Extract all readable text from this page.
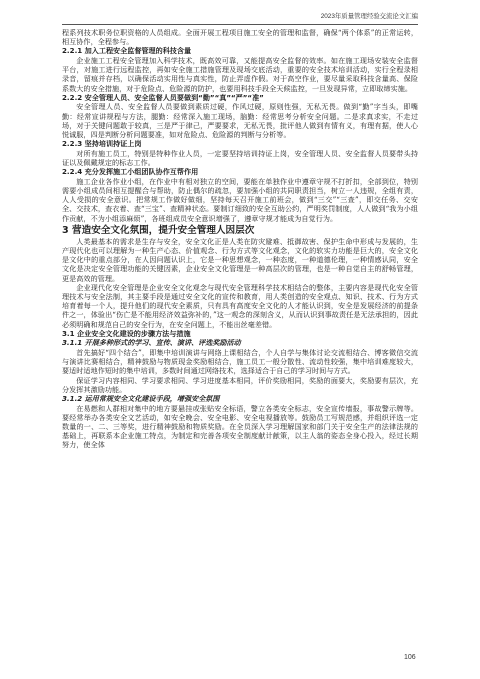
2023年质量管理经验交流论文汇编

程系列技术职务位职资格的人员组成。全面开展工程项目施工安全的管理和监督，确保“两个体系”的正常运转，相互协作，全程参与。

2.2.1 加入工程安全监督管理的科技含量

企业施工工程安全管理加入科学技术，既高效可靠，又能提高安全监督的效率。如在施工现场安装安全监督平台，对施工进行远程监控，再如安全施工措施管理及现场交底活动，重要的安全技术培训活动，实行全程录相录音，留痕并存档，以确保活动实用性与真实性，防止弄虚作假。对于高空作业，要尽量采取科技含量高、保险系数大的安全措施，对于危险点、危险源的防护，也要用科技手段全天候监控，一旦发现异常，立即取缔实施。

2.2.2 安全管理人员、安全监督人员要做到“勤”“真”“严”“准”

安全管理人员、安全监督人员要做到素质过硬，作风过硬，原则性强，无私无畏。做到“勤”字当头，即嘴勤：经常宣讲规程与方法，腿勤：经常深入施工现场，脑勤：经常思考分析安全问题。二是求真求实，不走过场，对于关键问题敢于较真，三是严于律己，严要要求，无私无畏，批评他人做到有情有义，有理有据，使人心悦诚服，四是判断分析问题要准，如对危险点、危险源的判断与分析等。

2.2.3 坚持培训持证上岗

对所有施工员工，特别是特种作业人员，一定要坚持培训持证上岗，安全管理人员、安全监督人员要带头持证以及佩戴规定的标志工作。

2.2.4 充分发挥施工小组团队协作互帮作用

施工企业各作业小组，在作业中有相对独立的空间，要能在单独作业中遵章守规不打折扣，全部到位，特别需要小组成员间相互提醒合与帮助，防止偶尔的疏忽，要加强小组的共同职责担当，树立一人违规，全组有责，人人受损的安全意识。把常规工作做好做细，坚持每天召开施工前班会，做到“三交”“三查”，即交任务、交安全、交技术，查衣着、查“三宝”、查精神状态。要制订细致的安全互助公约，严明奖罚制度，人人做到“我为小组作贡献，不为小组添麻烦”，各班组成员安全意识增强了，遵章守规才能成为自觉行为。

3 营造安全文化氛围，提升安全管理人因层次

人类最基本的需求是生存与安全，安全文化正是人类在防灾避难、抵御故害、保护生命中形成与发展的，生产现代化也可以理解为一种生产心态、价值观念、行为方式等文化观念，文化的软实力功能是巨大的，安全文化是文化中的重点部分，在人因问题认识上，它是一种思想观念，一种态度，一种道德伦理，一种情感认同，安全文化是决定安全管理功能的关键因素，企业安全文化管理是一种高层次的管理，也是一种自觉自主的舒畅管理，更是高效的管理。

企业现代化安全管理是企业安全文化观念与现代安全管理科学技术相结合的整体，主要内容是现代化安全管理技术与安全法制，其主要手段是通过安全文化的宣传和教育，用人类创造的安全观点、知识、技术、行为方式培育着每一个人，提升他们的现代安全素质，只有具有高度安全文化的人才能认识到，安全是发展经济的前提条件之一，体验出“伤亡是不能用经济效益弥补的，”这一观念的深刻含义，从而认识到事故责任是无法承担的，因此必须明确和规范自己的安全行为，在安全问题上，不能出丝毫差错。

3.1 企业安全文化建设的步骤方法与措施

3.1.1 开展多种形式的学习、宣传、演讲、评选奖励活动

首先搞好“四个结合”，即集中培训演讲与网络上课相结合，个人自学与集体讨论交流相结合、博客微信交流与演讲比赛相结合，精神鼓励与物质现金奖励相结合，施工员工一般分散性、流动性较强，集中培训难度较大，要适时适地作短时的集中培训，多数时间通过网络技术，选择适合于自己的学习时间与方式。

保证学习内容相同、学习要求相同、学习进度基本相同，评价奖励相同，奖励的面要大，奖励要有层次，充分发挥其激励功能。

3.1.2 运用常规安全文化建设手段，增强安全氛围

在易燃和人群相对集中的地方要悬挂或张贴安全标语，警立各类安全标志，安全宣传墙报，事故警示牌等。要经常举办各类安全文艺活动，如安全晚会、安全电影、安全电视播放等。鼓励员工写规范感，并组织评选一定数量的一、二、三等奖，进行精神鼓励和物质奖励。在全员深入学习理解国家和部门关于安全生产的法律法规的基础上，再联系本企业施工特点，为制定和完善各项安全制度献计献策，以主人翁的姿态全身心投入，经过长期努力，使全体

106
